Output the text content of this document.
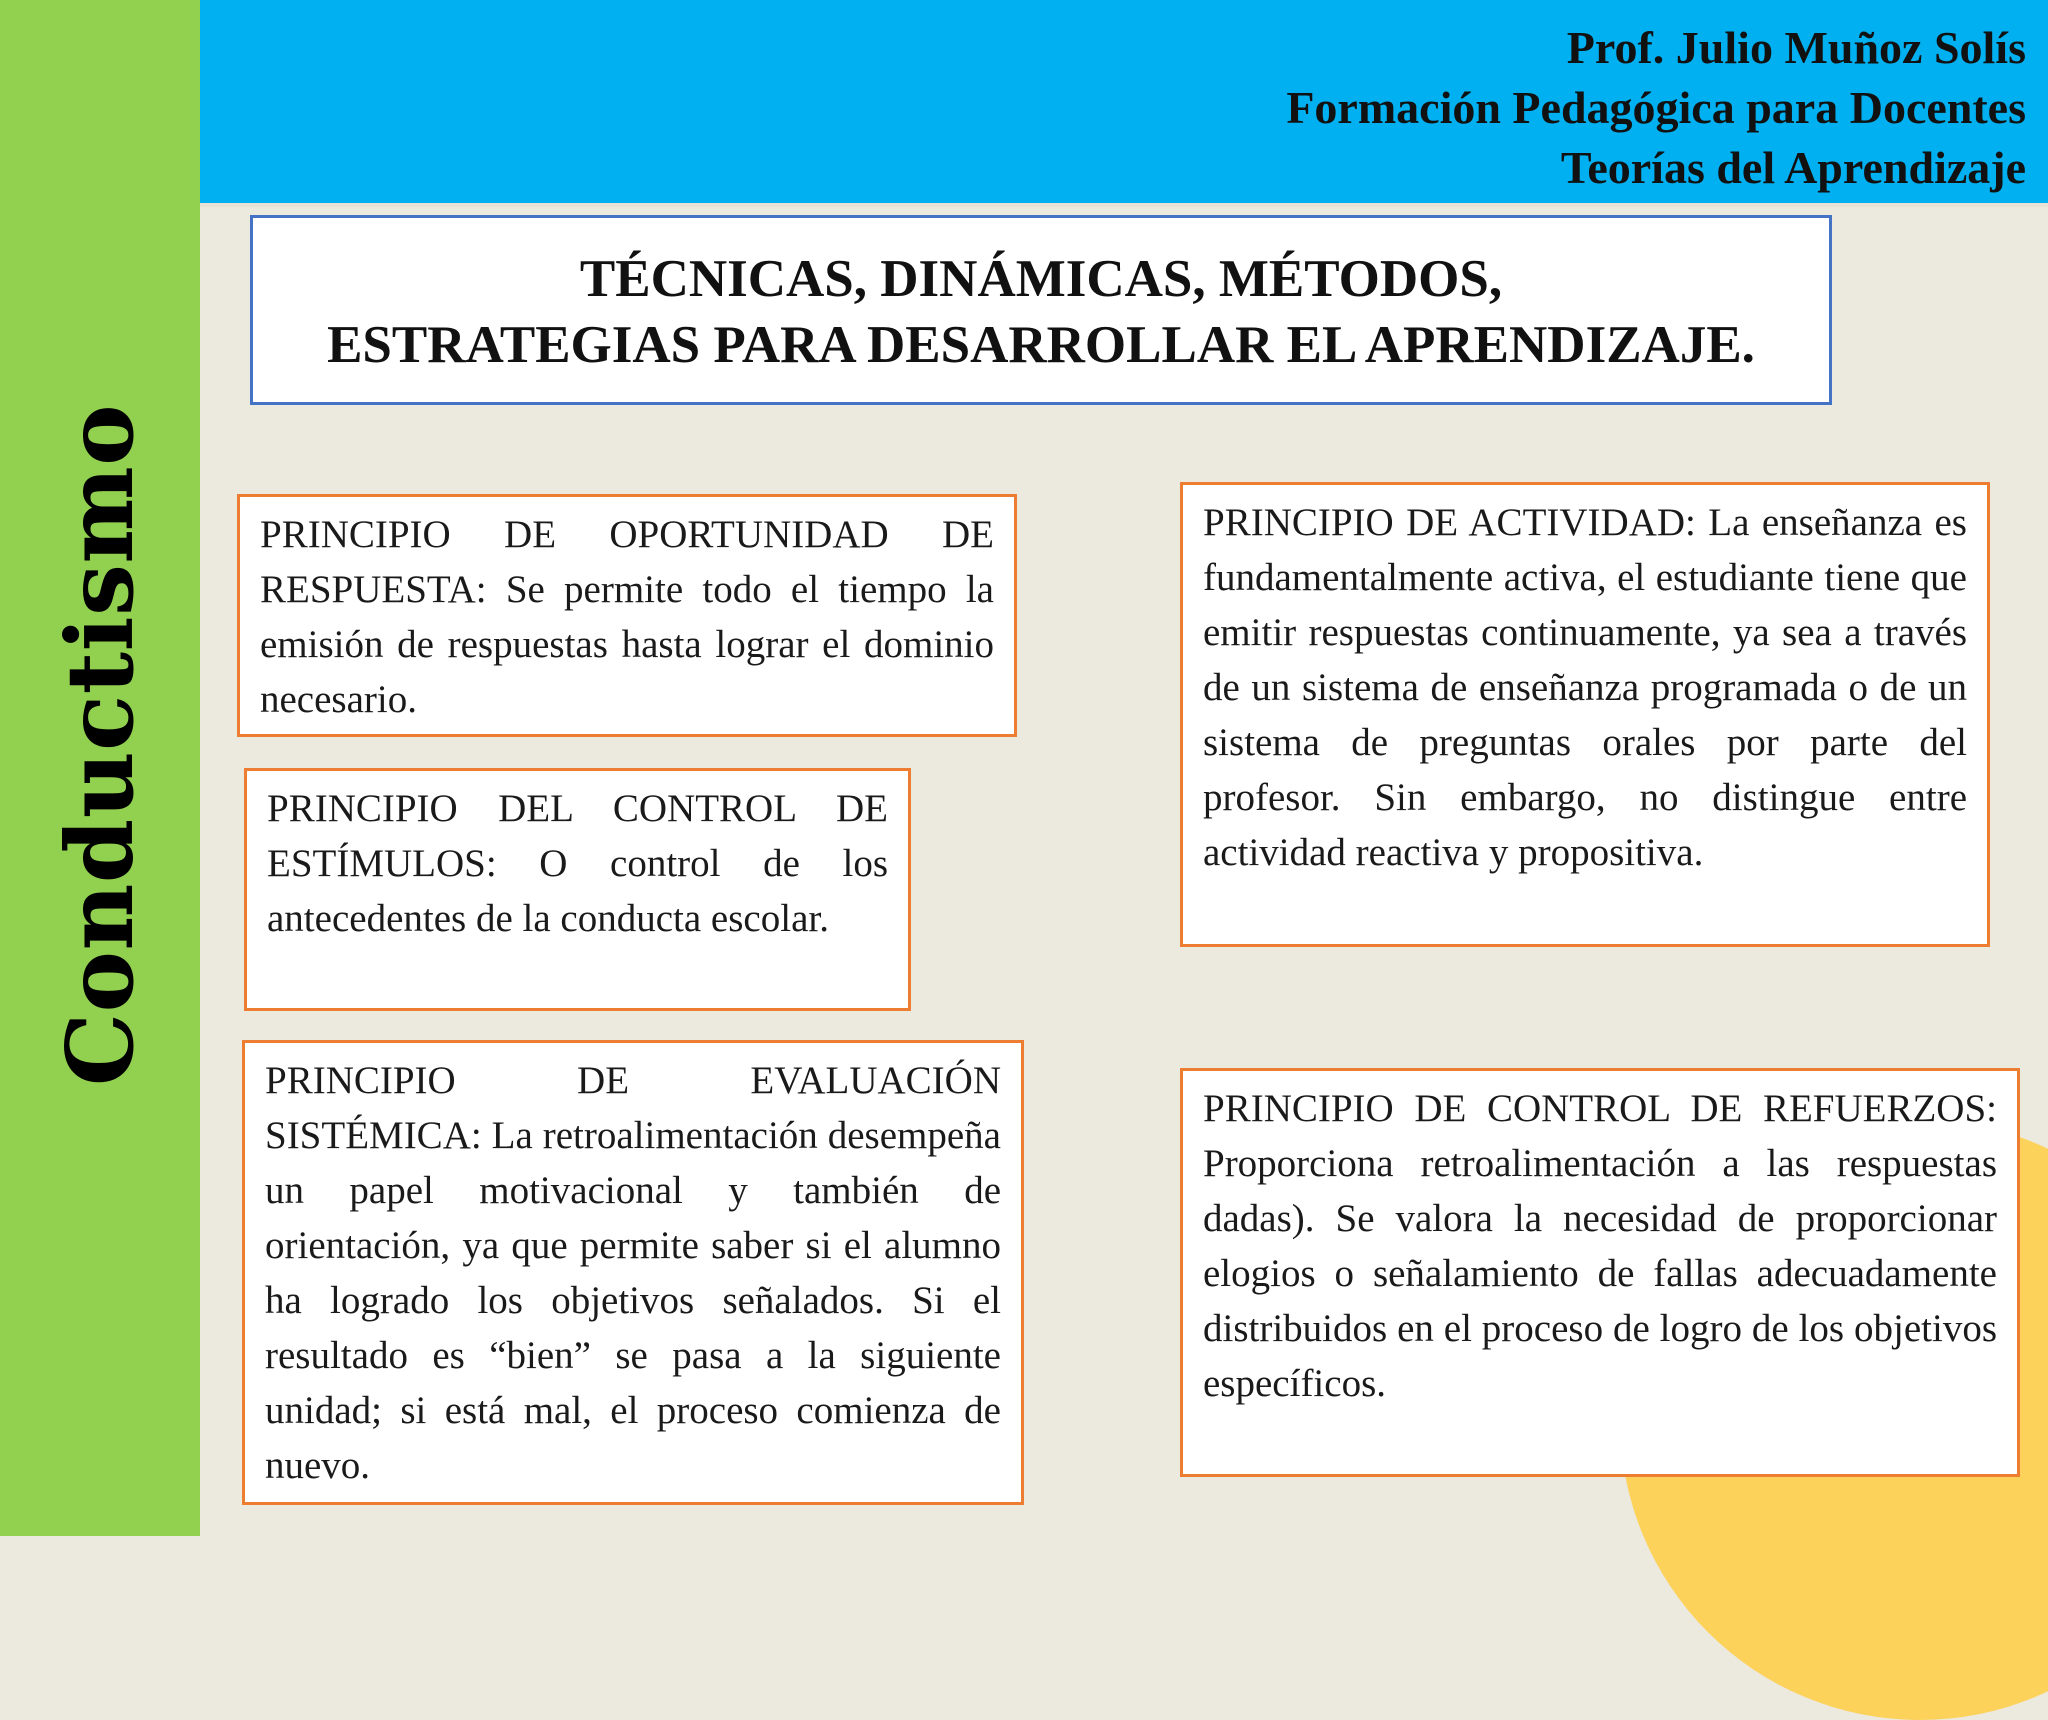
Conductismo
Prof. Julio Muñoz Solís
Formación Pedagógica para Docentes
Teorías del Aprendizaje
TÉCNICAS, DINÁMICAS, MÉTODOS,
ESTRATEGIAS PARA DESARROLLAR EL APRENDIZAJE.
PRINCIPIO DE OPORTUNIDAD DE RESPUESTA: Se permite todo el tiempo la emisión de respuestas hasta lograr el dominio necesario.
PRINCIPIO DEL CONTROL DE ESTÍMULOS: O control de los antecedentes de la conducta escolar.
PRINCIPIO DE EVALUACIÓN SISTÉMICA: La retroalimentación desempeña un papel motivacional y también de orientación, ya que permite saber si el alumno ha logrado los objetivos señalados. Si el resultado es “bien” se pasa a la siguiente unidad; si está mal, el proceso comienza de nuevo.
PRINCIPIO DE ACTIVIDAD: La enseñanza es fundamentalmente activa, el estudiante tiene que emitir respuestas continuamente, ya sea a través de un sistema de enseñanza programada o de un sistema de preguntas orales por parte del profesor. Sin embargo, no distingue entre actividad reactiva y propositiva.
PRINCIPIO DE CONTROL DE REFUERZOS: Proporciona retroalimentación a las respuestas dadas). Se valora la necesidad de proporcionar elogios o señalamiento de fallas adecuadamente distribuidos en el proceso de logro de los objetivos específicos.
